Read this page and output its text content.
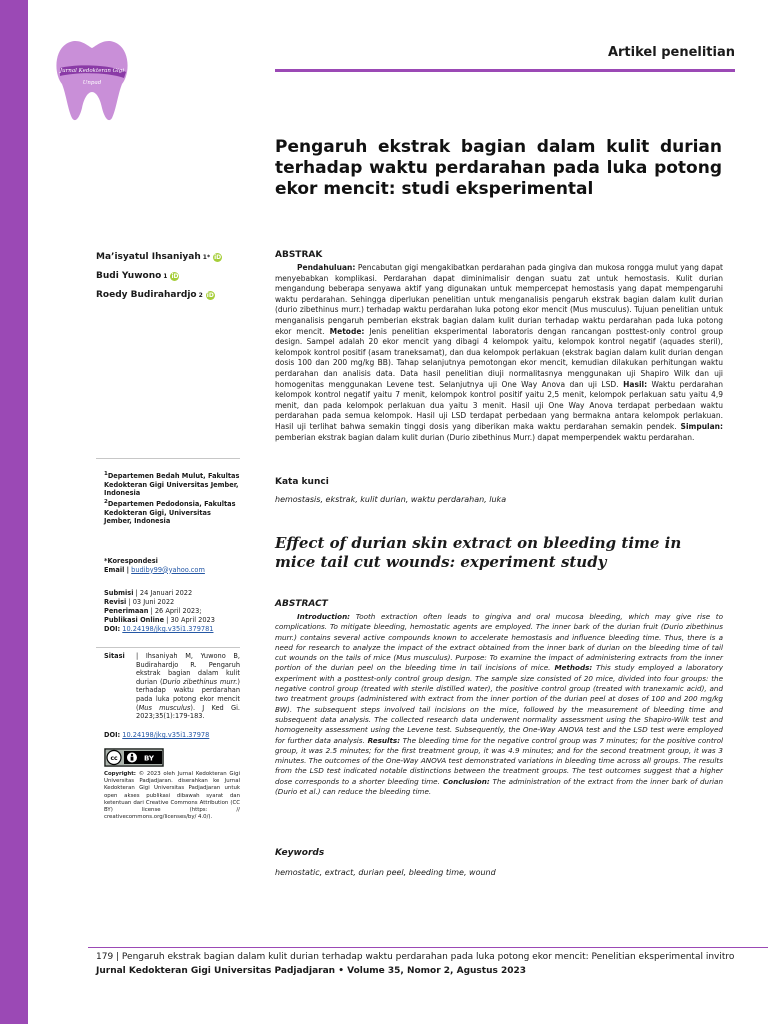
Jurnal Kedokteran Gigi
Unpad
Artikel penelitian
Pengaruh ekstrak bagian dalam kulit durian terhadap waktu perdarahan pada luka potong ekor mencit: studi eksperimental
Ma’isyatul Ihsaniyah 1* iD
Budi Yuwono 1 iD
Roedy Budirahardjo 2 iD
ABSTRAK

Pendahuluan: Pencabutan gigi mengakibatkan perdarahan pada gingiva dan mukosa rongga mulut yang dapat menyebabkan komplikasi. Perdarahan dapat diminimalisir dengan suatu zat untuk hemostasis. Kulit durian mengandung beberapa senyawa aktif yang digunakan untuk mempercepat hemostasis yang dapat mempengaruhi waktu perdarahan. Sehingga diperlukan penelitian untuk menganalisis pengaruh ekstrak bagian dalam kulit durian (durio zibethinus murr.) terhadap waktu perdarahan luka potong ekor mencit (Mus musculus). Tujuan penelitian untuk menganalisis pengaruh pemberian ekstrak bagian dalam kulit durian terhadap waktu perdarahan pada luka potong ekor mencit. Metode: Jenis penelitian eksperimental laboratoris dengan rancangan posttest-only control group design. Sampel adalah 20 ekor mencit yang dibagi 4 kelompok yaitu, kelompok kontrol negatif (aquades steril), kelompok kontrol positif (asam traneksamat), dan dua kelompok perlakuan (ekstrak bagian dalam kulit durian dengan dosis 100 dan 200 mg/kg BB). Tahap selanjutnya pemotongan ekor mencit, kemudian dilakukan perhitungan waktu perdarahan dan analisis data. Data hasil penelitian diuji normalitasnya menggunakan uji Shapiro Wilk dan uji homogenitas menggunakan Levene test. Selanjutnya uji One Way Anova dan uji LSD. Hasil: Waktu perdarahan kelompok kontrol negatif yaitu 7 menit, kelompok kontrol positif yaitu 2,5 menit, kelompok perlakuan satu yaitu 4,9 menit, dan pada kelompok perlakuan dua yaitu 3 menit. Hasil uji One Way Anova terdapat perbedaan waktu perdarahan pada semua kelompok. Hasil uji LSD terdapat perbedaan yang bermakna antara kelompok perlakuan. Hasil uji terlihat bahwa semakin tinggi dosis yang diberikan maka waktu perdarahan semakin pendek. Simpulan: pemberian ekstrak bagian dalam kulit durian (Durio zibethinus Murr.) dapat memperpendek waktu perdarahan.

Kata kunci
hemostasis, ekstrak, kulit durian, waktu perdarahan, luka
Effect of durian skin extract on bleeding time in mice tail cut wounds: experiment study
ABSTRACT

Introduction: Tooth extraction often leads to gingiva and oral mucosa bleeding, which may give rise to complications. To mitigate bleeding, hemostatic agents are employed. The inner bark of the durian fruit (Durio zibethinus murr.) contains several active compounds known to accelerate hemostasis and influence bleeding time. Thus, there is a need for research to analyze the impact of the extract obtained from the inner bark of durian on the bleeding time of tail cut wounds on the tails of mice (Mus musculus). Purpose: To examine the impact of administering extracts from the inner portion of the durian peel on the bleeding time in tail incisions of mice. Methods: This study employed a laboratory experiment with a posttest-only control group design. The sample size consisted of 20 mice, divided into four groups: the negative control group (treated with sterile distilled water), the positive control group (treated with tranexamic acid), and two treatment groups (administered with extract from the inner portion of the durian peel at doses of 100 and 200 mg/kg BW). The subsequent steps involved tail incisions on the mice, followed by the measurement of bleeding time and subsequent data analysis. The collected research data underwent normality assessment using the Shapiro-Wilk test and homogeneity assessment using the Levene test. Subsequently, the One-Way ANOVA test and the LSD test were employed for further data analysis. Results: The bleeding time for the negative control group was 7 minutes; for the positive control group, it was 2.5 minutes; for the first treatment group, it was 4.9 minutes; and for the second treatment group, it was 3 minutes. The outcomes of the One-Way ANOVA test demonstrated variations in bleeding time across all groups. The results from the LSD test indicated notable distinctions between the treatment groups. The test outcomes suggest that a higher dose corresponds to a shorter bleeding time. Conclusion: The administration of the extract from the inner bark of durian (Durio et al.) can reduce the bleeding time.

Keywords
hemostatic, extract, durian peel, bleeding time, wound
$^1$Departemen Bedah Mulut, Fakultas Kedokteran Gigi Universitas Jember, Indonesia
$^2$Departemen Pedodonsia, Fakultas Kedokteran Gigi, Universitas Jember, Indonesia
*Korespondesi
Email | budiby99@yahoo.com
Submisi | 24 Januari 2022
Revisi | 03 Juni 2022
Penerimaan | 26 April 2023;
Publikasi Online | 30 April 2023
DOI: 10.24198/jkg.v35i1.379781
Sitasi	| Ihsaniyah M, Yuwono B, Budirahardjo R. Pengaruh ekstrak bagian dalam kulit durian (Durio zibethinus murr.) terhadap waktu perdarahan pada luka potong ekor mencit (Mus musculus). J Ked Gi. 2023;35(1):179-183.
DOI: 10.24198/jkg.v35i1.37978
cc	BY
Copyright: © 2023 oleh Jurnal Kedokteran Gigi Universitas Padjadjaran. diserahkan ke Jurnal Kedokteran Gigi Universitas Padjadjaran untuk open akses publikasi dibawah syarat dan ketentuan dari Creative Commons Attribution (CC BY) license (https: // creativecommons.org/licenses/by/ 4.0/).
179 | Pengaruh ekstrak bagian dalam kulit durian terhadap waktu perdarahan pada luka potong ekor mencit: Penelitian eksperimental invitro
Jurnal Kedokteran Gigi Universitas Padjadjaran • Volume 35, Nomor 2, Agustus 2023
